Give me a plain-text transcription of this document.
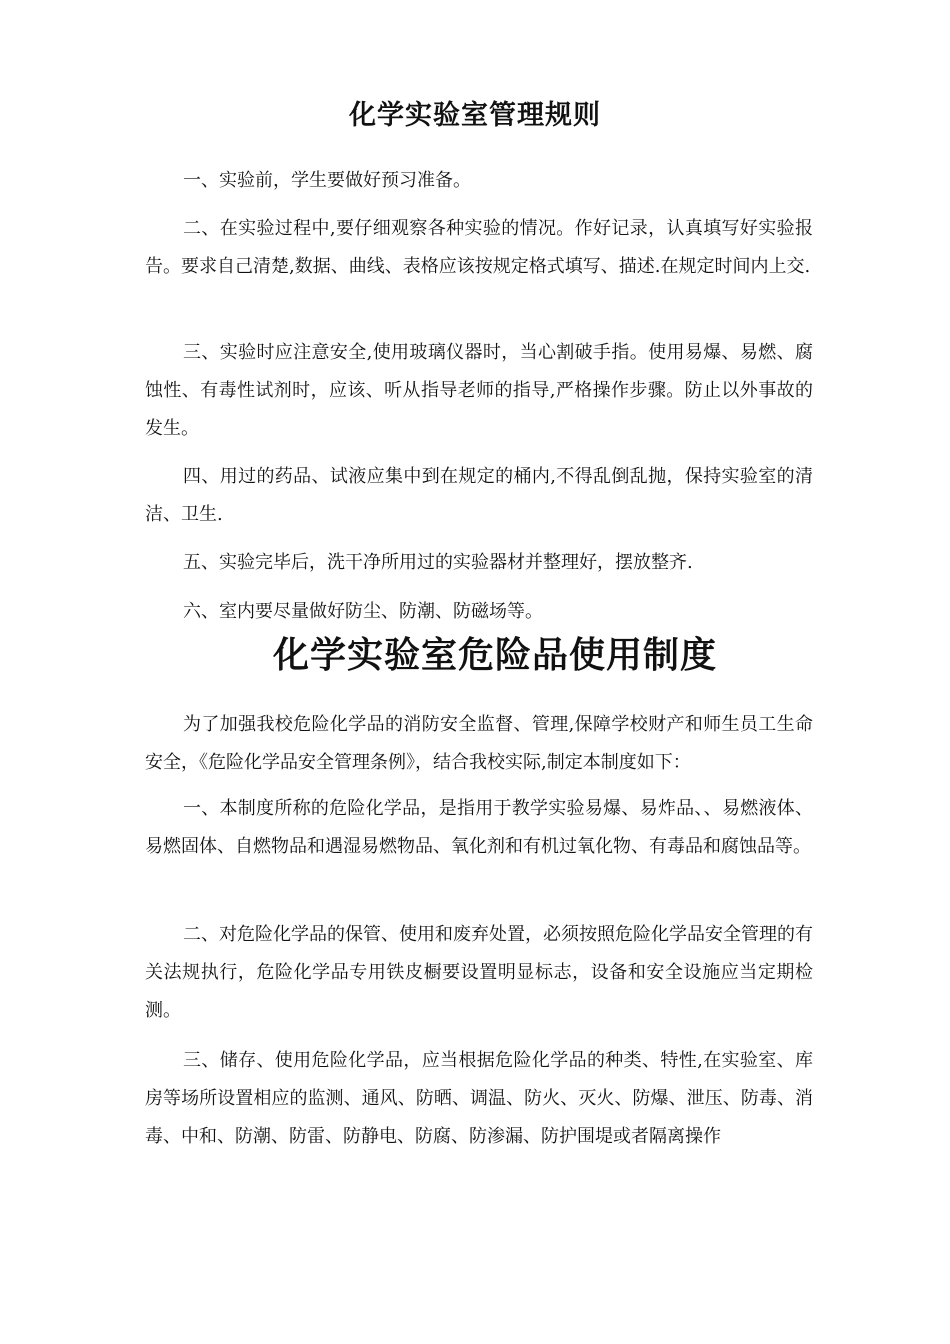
化学实验室管理规则

一、实验前，学生要做好预习准备。

二、在实验过程中,要仔细观察各种实验的情况。作好记录，认真填写好实验报告。要求自己清楚,数据、曲线、表格应该按规定格式填写、描述.在规定时间内上交.

三、实验时应注意安全,使用玻璃仪器时，当心割破手指。使用易爆、易燃、腐蚀性、有毒性试剂时，应该、听从指导老师的指导,严格操作步骤。防止以外事故的发生。

四、用过的药品、试液应集中到在规定的桶内,不得乱倒乱抛，保持实验室的清洁、卫生.

五、实验完毕后，洗干净所用过的实验器材并整理好，摆放整齐.

六、室内要尽量做好防尘、防潮、防磁场等。

化学实验室危险品使用制度

为了加强我校危险化学品的消防安全监督、管理,保障学校财产和师生员工生命安全，《危险化学品安全管理条例》，结合我校实际,制定本制度如下：

一、本制度所称的危险化学品，是指用于教学实验易爆、易炸品、、易燃液体、易燃固体、自燃物品和遇湿易燃物品、氧化剂和有机过氧化物、有毒品和腐蚀品等。

二、对危险化学品的保管、使用和废弃处置，必须按照危险化学品安全管理的有关法规执行，危险化学品专用铁皮橱要设置明显标志，设备和安全设施应当定期检测。

三、储存、使用危险化学品，应当根据危险化学品的种类、特性,在实验室、库房等场所设置相应的监测、通风、防晒、调温、防火、灭火、防爆、泄压、防毒、消毒、中和、防潮、防雷、防静电、防腐、防渗漏、防护围堤或者隔离操作
